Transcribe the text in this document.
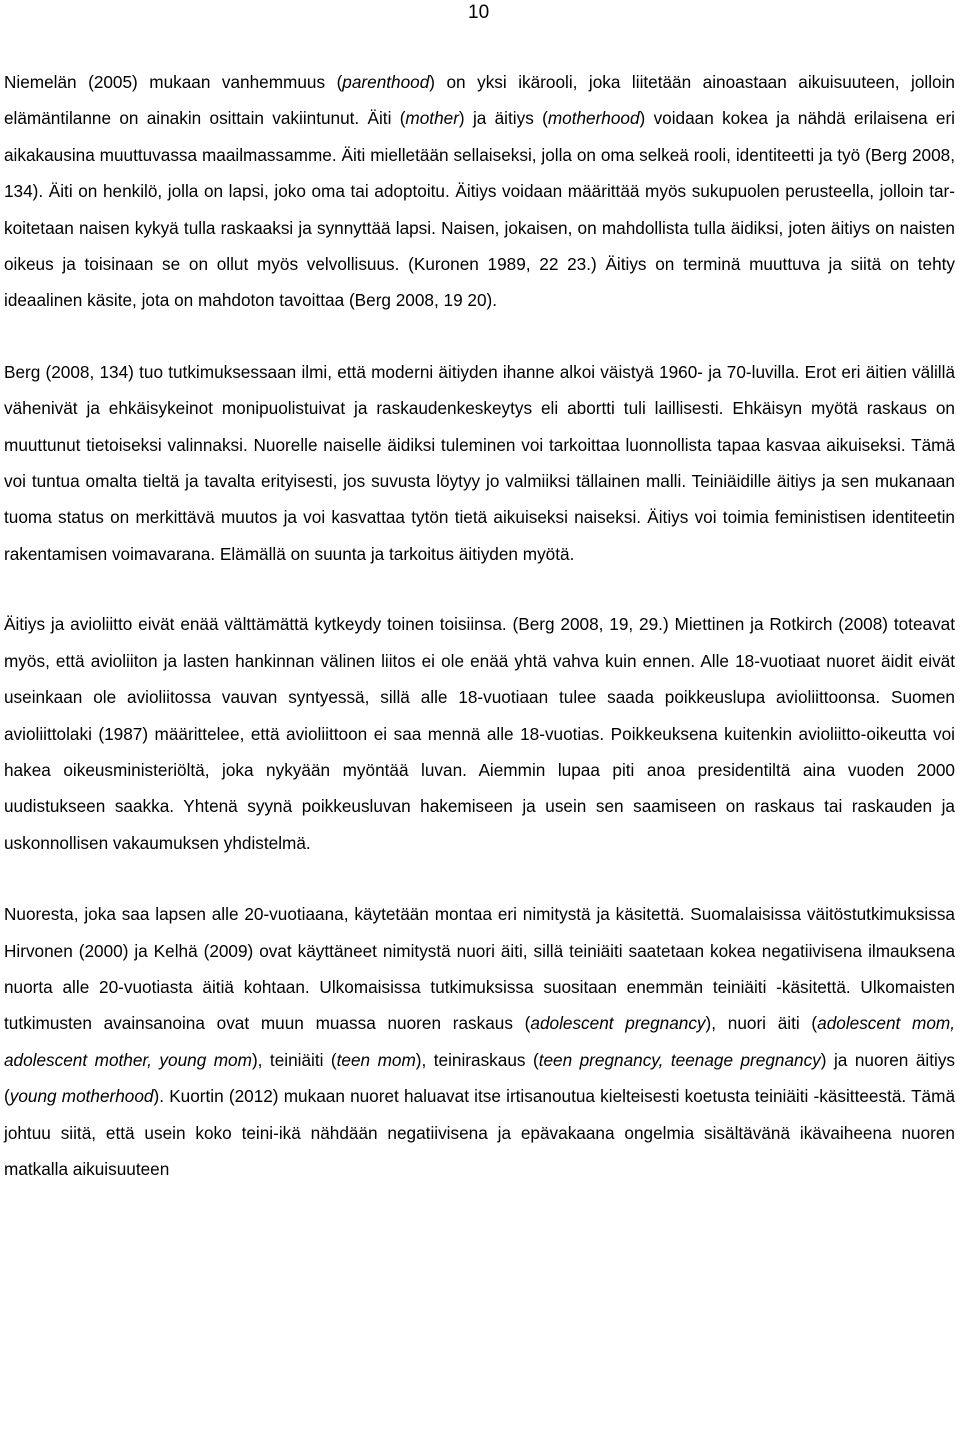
10

Niemelän (2005) mukaan vanhemmuus (parenthood) on yksi ikärooli, joka liitetään ainoastaan aikuisuuteen, jolloin elämäntilanne on ainakin osittain vakiintunut. Äiti (mother) ja äitiys (motherhood) voidaan kokea ja nähdä erilaisena eri aikakausina muuttuvassa maailmassamme. Äiti mielletään sellaiseksi, jolla on oma selkeä rooli, identiteetti ja työ (Berg 2008, 134). Äiti on henkilö, jolla on lapsi, joko oma tai adoptoitu. Äitiys voidaan määrittää myös sukupuolen perusteella, jolloin tarkoitetaan naisen kykyä tulla raskaaksi ja synnyttää lapsi. Naisen, jokaisen, on mahdollista tulla äidiksi, joten äitiys on naisten oikeus ja toisinaan se on ollut myös velvollisuus. (Kuronen 1989, 22 23.) Äitiys on terminä muuttuva ja siitä on tehty ideaalinen käsite, jota on mahdoton tavoittaa (Berg 2008, 19 20).

Berg (2008, 134) tuo tutkimuksessaan ilmi, että moderni äitiyden ihanne alkoi väistyä 1960- ja 70-luvilla. Erot eri äitien välillä vähenivät ja ehkäisykeinot monipuolistuivat ja raskaudenkeskeytys eli abortti tuli laillisesti. Ehkäisyn myötä raskaus on muuttunut tietoiseksi valinnaksi. Nuorelle naiselle äidiksi tuleminen voi tarkoittaa luonnollista tapaa kasvaa aikuiseksi. Tämä voi tuntua omalta tieltä ja tavalta erityisesti, jos suvusta löytyy jo valmiiksi tällainen malli. Teiniäidille äitiys ja sen mukanaan tuoma status on merkittävä muutos ja voi kasvattaa tytön tietä aikuiseksi naiseksi. Äitiys voi toimia feministisen identiteetin rakentamisen voimavarana. Elämällä on suunta ja tarkoitus äitiyden myötä.

Äitiys ja avioliitto eivät enää välttämättä kytkeydy toinen toisiinsa. (Berg 2008, 19, 29.) Miettinen ja Rotkirch (2008) toteavat myös, että avioliiton ja lasten hankinnan välinen liitos ei ole enää yhtä vahva kuin ennen. Alle 18-vuotiaat nuoret äidit eivät useinkaan ole avioliitossa vauvan syntyessä, sillä alle 18-vuotiaan tulee saada poikkeuslupa avioliittoonsa. Suomen avioliittolaki (1987) määrittelee, että avioliittoon ei saa mennä alle 18-vuotias. Poikkeuksena kuitenkin avioliitto-oikeutta voi hakea oikeusministeriöltä, joka nykyään myöntää luvan. Aiemmin lupaa piti anoa presidentiltä aina vuoden 2000 uudistukseen saakka. Yhtenä syynä poikkeusluvan hakemiseen ja usein sen saamiseen on raskaus tai raskauden ja uskonnollisen vakaumuksen yhdistelmä.

Nuoresta, joka saa lapsen alle 20-vuotiaana, käytetään montaa eri nimitystä ja käsitettä. Suomalaisissa väitöstutkimuksissa Hirvonen (2000) ja Kelhä (2009) ovat käyttäneet nimitystä nuori äiti, sillä teiniäiti saatetaan kokea negatiivisena ilmauksena nuorta alle 20-vuotiasta äitiä kohtaan. Ulkomaisissa tutkimuksissa suositaan enemmän teiniäiti -käsitettä. Ulkomaisten tutkimusten avainsanoina ovat muun muassa nuoren raskaus (adolescent pregnancy), nuori äiti (adolescent mom, adolescent mother, young mom), teiniäiti (teen mom), teiniraskaus (teen pregnancy, teenage pregnancy) ja nuoren äitiys (young motherhood). Kuortin (2012) mukaan nuoret haluavat itse irtisanoutua kielteisesti koetusta teiniäiti -käsitteestä. Tämä johtuu siitä, että usein koko teini-ikä nähdään negatiivisena ja epävakaana ongelmia sisältävänä ikävaiheena nuoren matkalla aikuisuuteen
